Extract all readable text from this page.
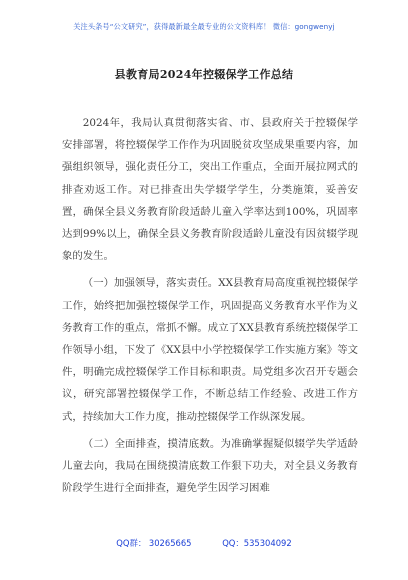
关注头条号“公文研究”，获得最新最全最专业的公文资料库！ 微信：gongwenyj
县教育局2024年控辍保学工作总结

2024年，我局认真贯彻落实省、市、县政府关于控辍保学安排部署，将控辍保学工作作为巩固脱贫攻坚成果重要内容，加强组织领导，强化责任分工，突出工作重点，全面开展拉网式的排查劝返工作。对已排查出失学辍学学生，分类施策，妥善安置，确保全县义务教育阶段适龄儿童入学率达到100%，巩固率达到99%以上，确保全县义务教育阶段适龄儿童没有因贫辍学现象的发生。

（一）加强领导，落实责任。XX县教育局高度重视控辍保学工作，始终把加强控辍保学工作，巩固提高义务教育水平作为义务教育工作的重点，常抓不懈。成立了XX县教育系统控辍保学工作领导小组，下发了《XX县中小学控辍保学工作实施方案》等文件，明确完成控辍保学工作目标和职责。局党组多次召开专题会议，研究部署控辍保学工作，不断总结工作经验、改进工作方式，持续加大工作力度，推动控辍保学工作纵深发展。

（二）全面排查，摸清底数。为准确掌握疑似辍学失学适龄儿童去向，我局在围绕摸清底数工作狠下功夫，对全县义务教育阶段学生进行全面排查，避免学生因学习困难

QQ群： 30265665	QQ：535304092
